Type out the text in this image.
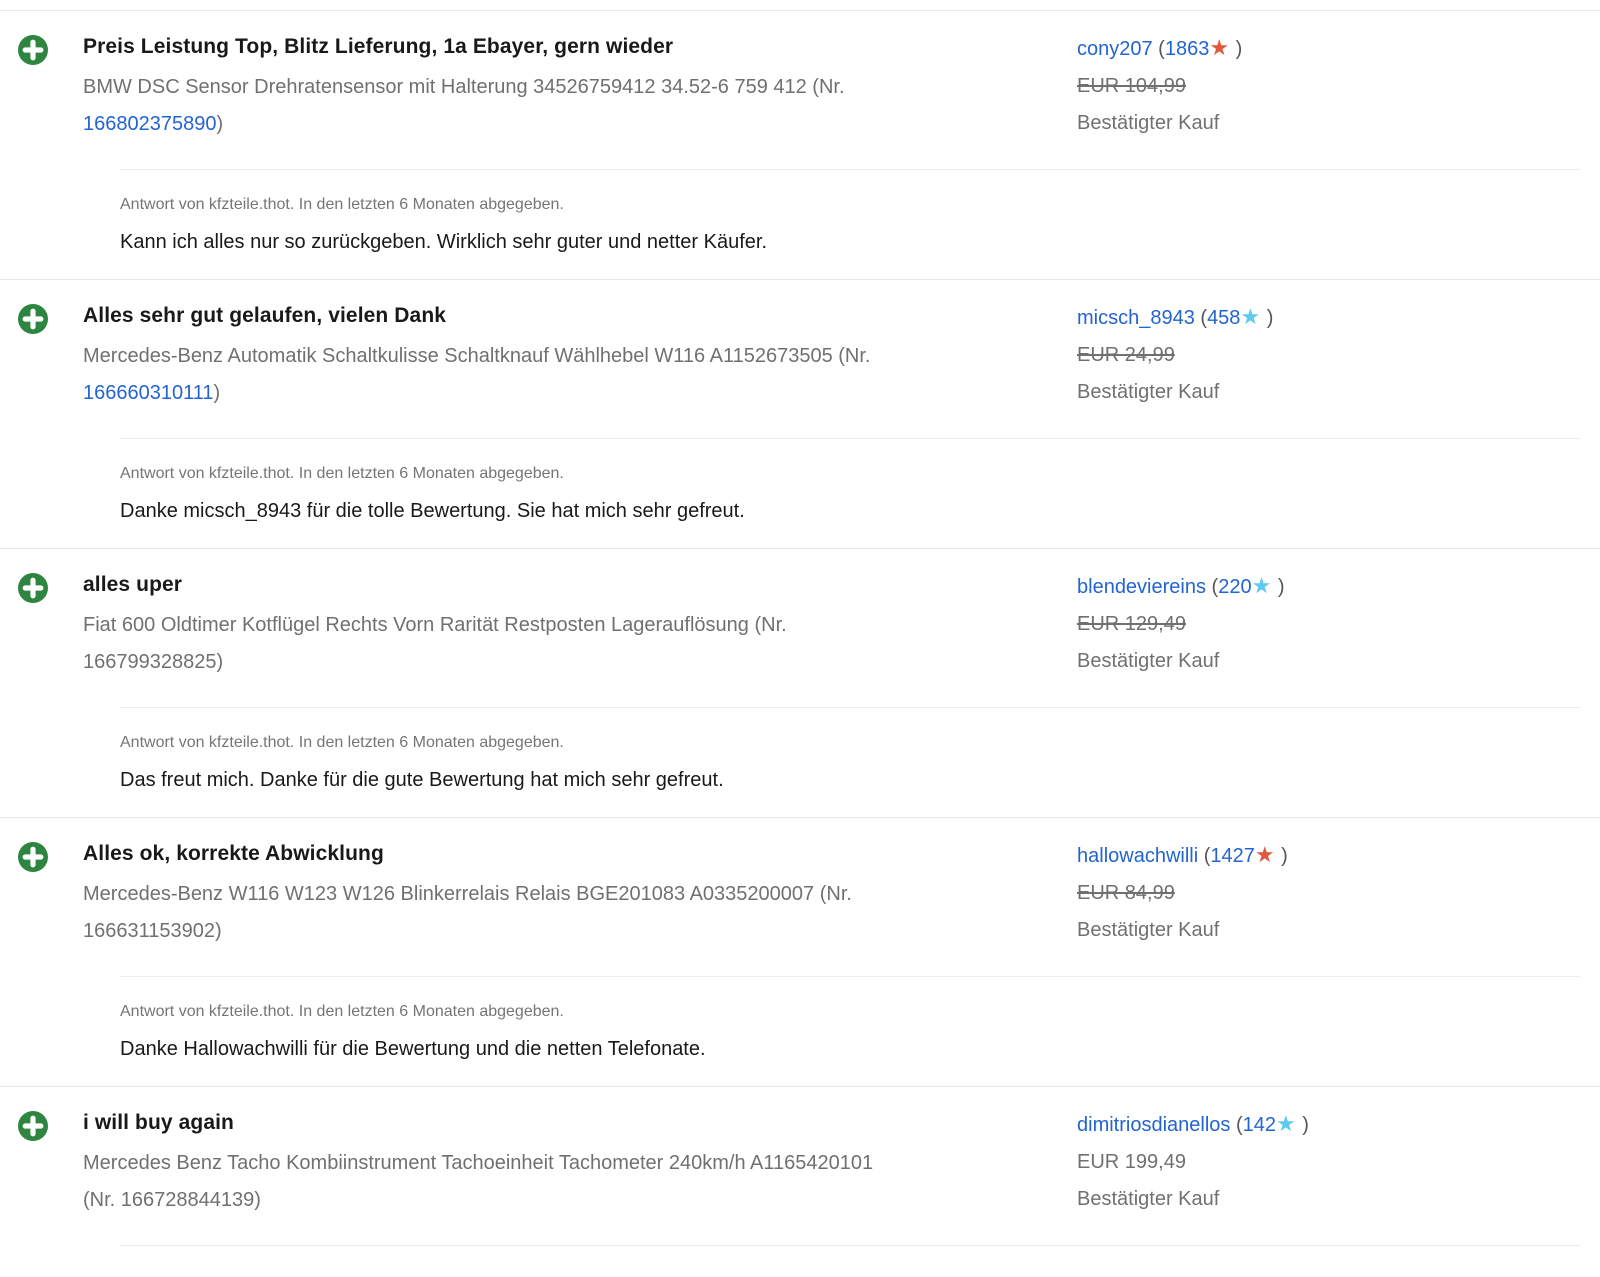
Preis Leistung Top, Blitz Lieferung, 1a Ebayer, gern wieder
BMW DSC Sensor Drehratensensor mit Halterung 34526759412 34.52-6 759 412 (Nr.
166802375890)
cony207 (1863★ )
EUR 104,99
Bestätigter Kauf
Antwort von kfzteile.thot. In den letzten 6 Monaten abgegeben.
Kann ich alles nur so zurückgeben. Wirklich sehr guter und netter Käufer.
Alles sehr gut gelaufen, vielen Dank
Mercedes-Benz Automatik Schaltkulisse Schaltknauf Wählhebel W116 A1152673505 (Nr.
166660310111)
micsch_8943 (458★ )
EUR 24,99
Bestätigter Kauf
Antwort von kfzteile.thot. In den letzten 6 Monaten abgegeben.
Danke micsch_8943 für die tolle Bewertung. Sie hat mich sehr gefreut.
alles uper
Fiat 600 Oldtimer Kotflügel Rechts Vorn Rarität Restposten Lagerauflösung (Nr.
166799328825)
blendeviereins (220★ )
EUR 129,49
Bestätigter Kauf
Antwort von kfzteile.thot. In den letzten 6 Monaten abgegeben.
Das freut mich. Danke für die gute Bewertung hat mich sehr gefreut.
Alles ok, korrekte Abwicklung
Mercedes-Benz W116 W123 W126 Blinkerrelais Relais BGE201083 A0335200007 (Nr.
166631153902)
hallowachwilli (1427★ )
EUR 84,99
Bestätigter Kauf
Antwort von kfzteile.thot. In den letzten 6 Monaten abgegeben.
Danke Hallowachwilli für die Bewertung und die netten Telefonate.
i will buy again
Mercedes Benz Tacho Kombiinstrument Tachoeinheit Tachometer 240km/h A1165420101
(Nr. 166728844139)
dimitriosdianellos (142★ )
EUR 199,49
Bestätigter Kauf
